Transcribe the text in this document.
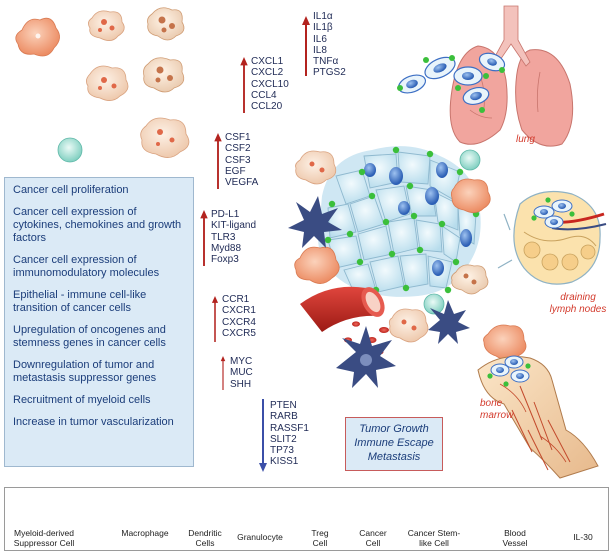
Cancer cell proliferation
Cancer cell expression of cytokines, chemokines and growth factors
Cancer cell expression of immunomodulatory molecules
Epithelial - immune cell-like transition of cancer cells
Upregulation of oncogenes and stemness genes in cancer cells
Downregulation of tumor and metastasis suppressor genes
Recruitment of myeloid cells
Increase in tumor vascularization
IL1α
IL1β
IL6
IL8
TNFα
PTGS2
CXCL1
CXCL2
CXCL10
CCL4
CCL20
CSF1
CSF2
CSF3
EGF
VEGFA
PD-L1
KIT-ligand
TLR3
Myd88
Foxp3
CCR1
CXCR1
CXCR4
CXCR5
MYC
MUC
SHH
PTEN
RARB
RASSF1
SLIT2
TP73
KISS1
lung
draining lymph nodes
bone marrow
Tumor Growth
Immune Escape
Metastasis
Myeloid-derived Suppressor Cell
Macrophage	Dendritic Cells
Granulocyte	Treg Cell
Cancer Cell
Cancer Stem-like Cell
Blood Vessel
IL-30
